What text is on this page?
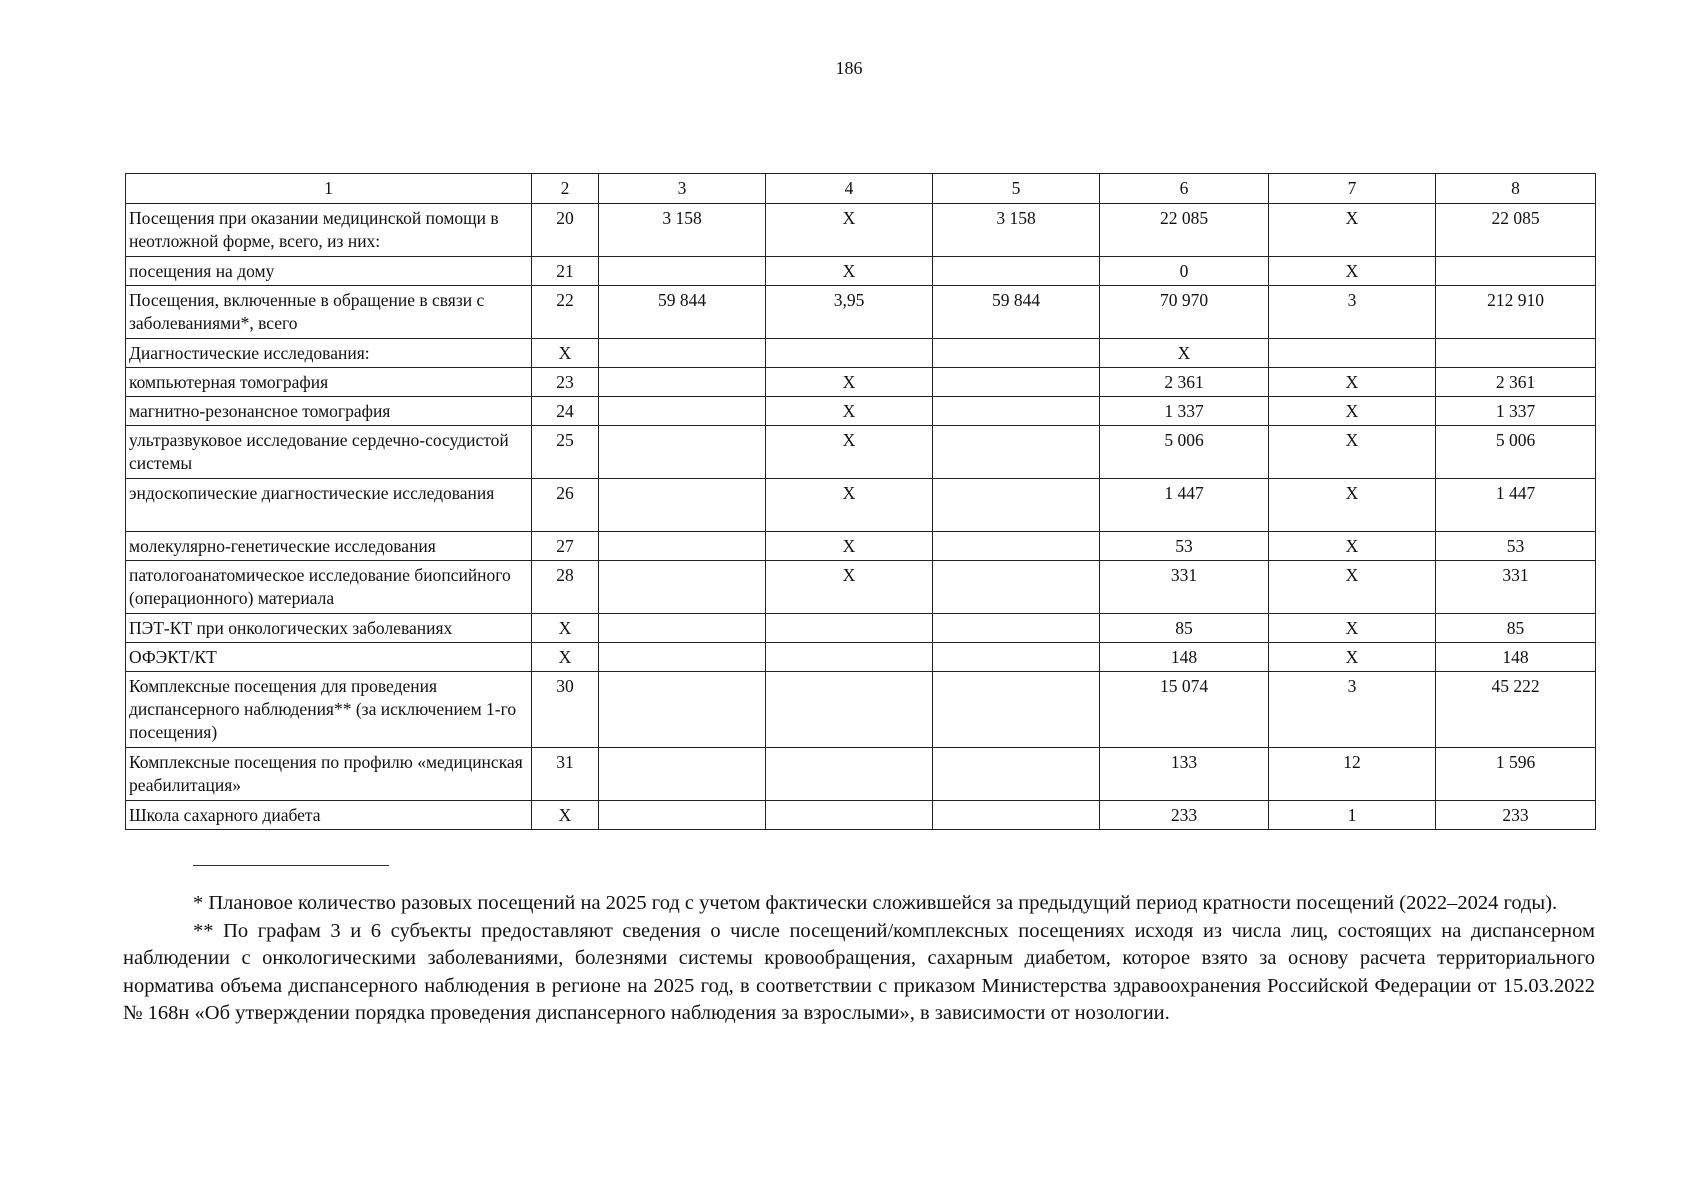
186
1	2	3	4	5	6	7	8
Посещения при оказании медицинской помощи в неотложной форме, всего, из них:	20	3 158	X	3 158	22 085	X	22 085
посещения на дому	21		X		0	X	
Посещения, включенные в обращение в связи с заболеваниями*, всего	22	59 844	3,95	59 844	70 970	3	212 910
Диагностические исследования:	X				X		
компьютерная томография	23		X		2 361	X	2 361
магнитно-резонансное томография	24		X		1 337	X	1 337
ультразвуковое исследование сердечно-сосудистой системы	25		X		5 006	X	5 006
эндоскопические диагностические исследования	26		X		1 447	X	1 447
молекулярно-генетические исследования	27		X		53	X	53
патологоанатомическое исследование биопсийного (операционного) материала	28		X		331	X	331
ПЭТ-КТ при онкологических заболеваниях	X				85	X	85
ОФЭКТ/КТ	X				148	X	148
Комплексные посещения для проведения диспансерного наблюдения** (за исключением 1-го посещения)	30				15 074	3	45 222
Комплексные посещения по профилю «медицинская реабилитация»	31				133	12	1 596
Школа сахарного диабета	X				233	1	233

* Плановое количество разовых посещений на 2025 год с учетом фактически сложившейся за предыдущий период кратности посещений (2022–2024 годы).

** По графам 3 и 6 субъекты предоставляют сведения о числе посещений/комплексных посещениях исходя из числа лиц, состоящих на диспансерном наблюдении с онкологическими заболеваниями, болезнями системы кровообращения, сахарным диабетом, которое взято за основу расчета территориального норматива объема диспансерного наблюдения в регионе на 2025 год, в соответствии с приказом Министерства здравоохранения Российской Федерации от 15.03.2022 № 168н «Об утверждении порядка проведения диспансерного наблюдения за взрослыми», в зависимости от нозологии.
